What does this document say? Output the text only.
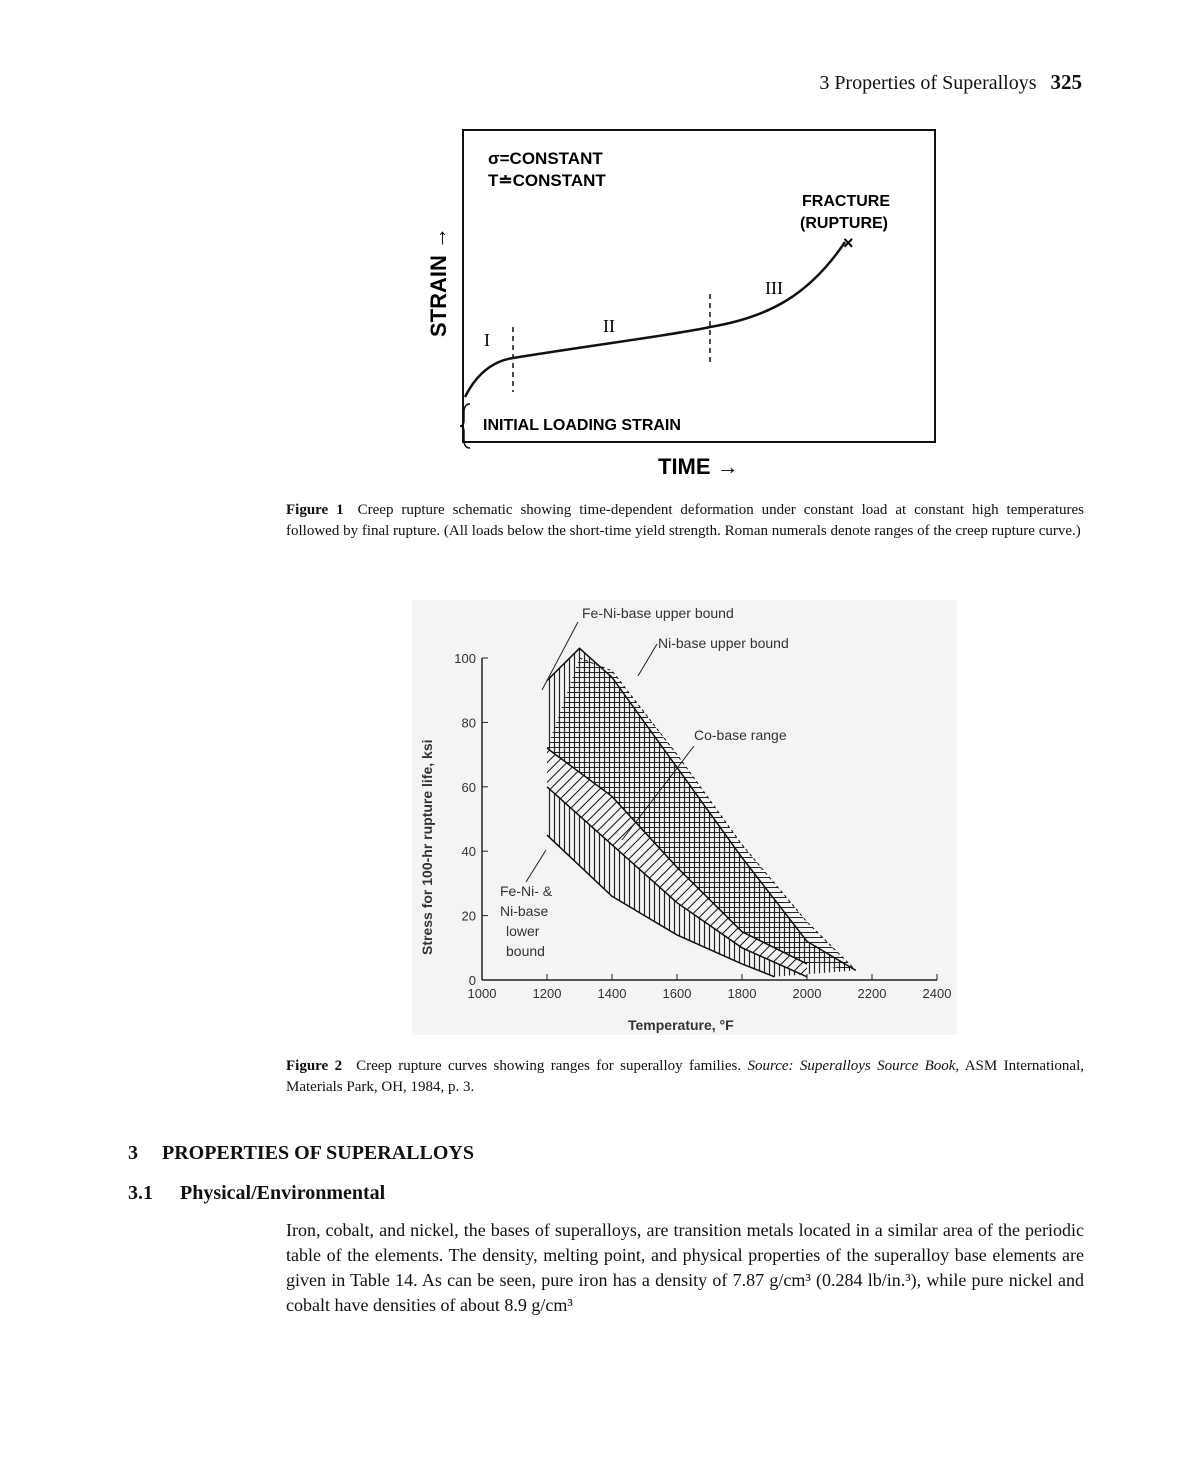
3 Properties of Superalloys 325
σ=CONSTANT
T≐CONSTANT
FRACTURE
(RUPTURE)
×
I
II
III
INITIAL LOADING STRAIN
STRAIN →
TIME →
Figure 1 Creep rupture schematic showing time-dependent deformation under constant load at constant high temperatures followed by final rupture. (All loads below the short-time yield strength. Roman numerals denote ranges of the creep rupture curve.)
1000	1200	1400	1600	1800	2000	2200	2400
0
20
40
60
80
100
Fe-Ni-base upper bound
Ni-base upper bound
Co-base range
Fe-Ni- &
Ni-base
lower
bound
Temperature, °F
Stress for 100-hr rupture life, ksi
Figure 2 Creep rupture curves showing ranges for superalloy families. Source: Superalloys Source Book, ASM International, Materials Park, OH, 1984, p. 3.
3 PROPERTIES OF SUPERALLOYS
3.1 Physical/Environmental
Iron, cobalt, and nickel, the bases of superalloys, are transition metals located in a similar area of the periodic table of the elements. The density, melting point, and physical properties of the superalloy base elements are given in Table 14. As can be seen, pure iron has a density of 7.87 g/cm³ (0.284 lb/in.³), while pure nickel and cobalt have densities of about 8.9 g/cm³
